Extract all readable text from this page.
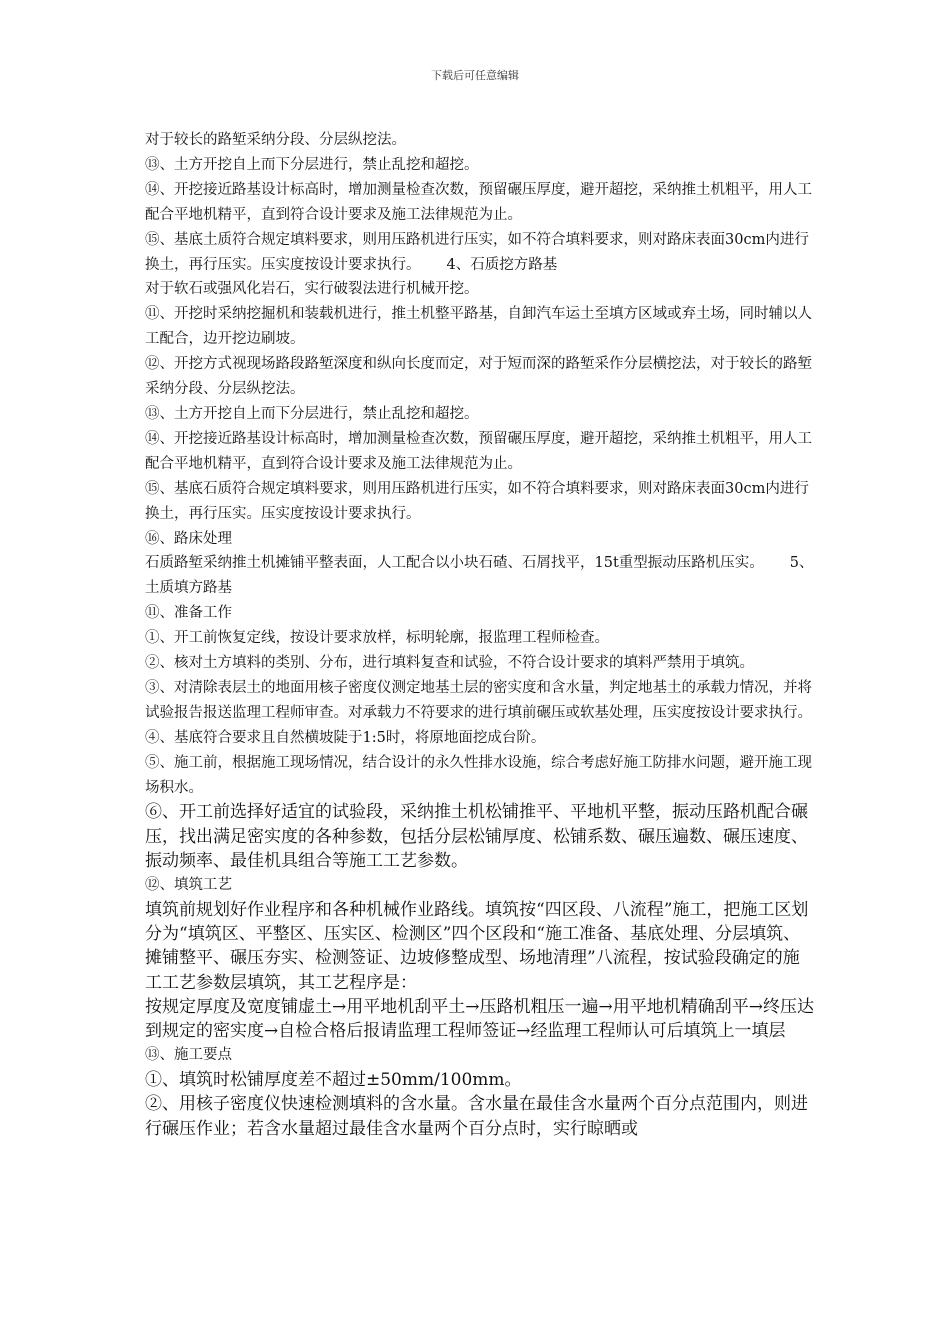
下载后可任意编辑

对于较长的路堑采纳分段、分层纵挖法。

⑬、土方开挖自上而下分层进行，禁止乱挖和超挖。

⑭、开挖接近路基设计标高时，增加测量检查次数，预留碾压厚度，避开超挖，采纳推土机粗平，用人工配合平地机精平，直到符合设计要求及施工法律规范为止。

⑮、基底土质符合规定填料要求，则用压路机进行压实，如不符合填料要求，则对路床表面30cm内进行换土，再行压实。压实度按设计要求执行。 4、石质挖方路基

对于软石或强风化岩石，实行破裂法进行机械开挖。

⑪、开挖时采纳挖掘机和装载机进行，推土机整平路基，自卸汽车运土至填方区域或弃土场，同时辅以人工配合，边开挖边刷坡。

⑫、开挖方式视现场路段路堑深度和纵向长度而定，对于短而深的路堑采作分层横挖法，对于较长的路堑采纳分段、分层纵挖法。

⑬、土方开挖自上而下分层进行，禁止乱挖和超挖。

⑭、开挖接近路基设计标高时，增加测量检查次数，预留碾压厚度，避开超挖，采纳推土机粗平，用人工配合平地机精平，直到符合设计要求及施工法律规范为止。

⑮、基底石质符合规定填料要求，则用压路机进行压实，如不符合填料要求，则对路床表面30cm内进行换土，再行压实。压实度按设计要求执行。

⑯、路床处理

石质路堑采纳推土机摊铺平整表面，人工配合以小块石碴、石屑找平，15t重型振动压路机压实。 5、土质填方路基

⑪、准备工作

①、开工前恢复定线，按设计要求放样，标明轮廓，报监理工程师检查。

②、核对土方填料的类别、分布，进行填料复查和试验，不符合设计要求的填料严禁用于填筑。

③、对清除表层土的地面用核子密度仪测定地基土层的密实度和含水量，判定地基土的承载力情况，并将试验报告报送监理工程师审查。对承载力不符要求的进行填前碾压或软基处理，压实度按设计要求执行。

④、基底符合要求且自然横坡陡于1:5时，将原地面挖成台阶。

⑤、施工前，根据施工现场情况，结合设计的永久性排水设施，综合考虑好施工防排水问题，避开施工现场积水。

⑥、开工前选择好适宜的试验段，采纳推土机松铺推平、平地机平整，振动压路机配合碾压，找出满足密实度的各种参数，包括分层松铺厚度、松铺系数、碾压遍数、碾压速度、振动频率、最佳机具组合等施工工艺参数。

⑫、填筑工艺

填筑前规划好作业程序和各种机械作业路线。填筑按“四区段、八流程”施工，把施工区划分为“填筑区、平整区、压实区、检测区”四个区段和“施工准备、基底处理、分层填筑、摊铺整平、碾压夯实、检测签证、边坡修整成型、场地清理”八流程，按试验段确定的施工工艺参数层填筑，其工艺程序是：

按规定厚度及宽度铺虚土→用平地机刮平土→压路机粗压一遍→用平地机精确刮平→终压达到规定的密实度→自检合格后报请监理工程师签证→经监理工程师认可后填筑上一填层

⑬、施工要点

①、填筑时松铺厚度差不超过±50mm/100mm。

②、用核子密度仪快速检测填料的含水量。含水量在最佳含水量两个百分点范围内，则进行碾压作业；若含水量超过最佳含水量两个百分点时，实行晾晒或
